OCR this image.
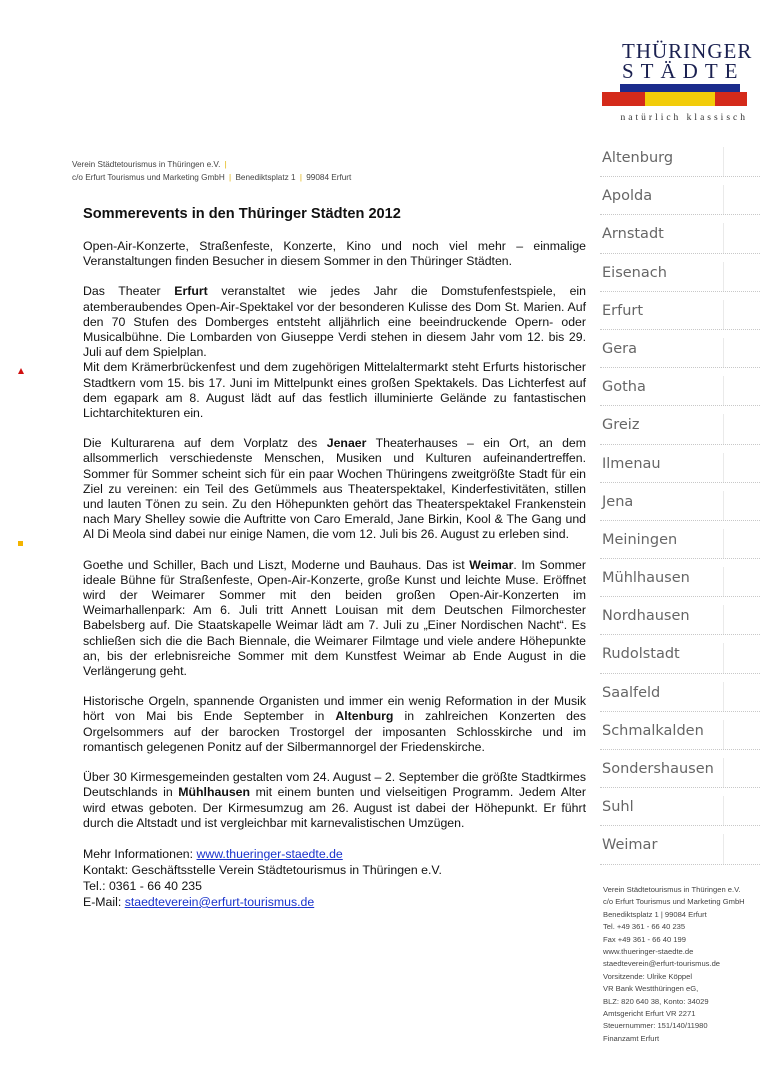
THÜRINGER
STÄDTE
natürlich klassisch
Verein Städtetourismus in Thüringen e.V. |
c/o Erfurt Tourismus und Marketing GmbH | Benediktsplatz 1 | 99084 Erfurt
Sommerevents in den Thüringer Städten 2012

Open-Air-Konzerte, Straßenfeste, Konzerte, Kino und noch viel mehr – einmalige Veranstaltungen finden Besucher in diesem Sommer in den Thüringer Städten.

Das Theater Erfurt veranstaltet wie jedes Jahr die Domstufenfestspiele, ein atemberaubendes Open-Air-Spektakel vor der besonderen Kulisse des Dom St. Marien. Auf den 70 Stufen des Domberges entsteht alljährlich eine beeindruckende Opern- oder Musicalbühne. Die Lombarden von Giuseppe Verdi stehen in diesem Jahr vom 12. bis 29. Juli auf dem Spielplan.

Mit dem Krämerbrückenfest und dem zugehörigen Mittelaltermarkt steht Erfurts historischer Stadtkern vom 15. bis 17. Juni im Mittelpunkt eines großen Spektakels. Das Lichterfest auf dem egapark am 8. August lädt auf das festlich illuminierte Gelände zu fantastischen Lichtarchitekturen ein.

Die Kulturarena auf dem Vorplatz des Jenaer Theaterhauses – ein Ort, an dem allsommerlich verschiedenste Menschen, Musiken und Kulturen aufeinandertreffen. Sommer für Sommer scheint sich für ein paar Wochen Thüringens zweitgrößte Stadt für ein Ziel zu vereinen: ein Teil des Getümmels aus Theaterspektakel, Kinderfestivitäten, stillen und lauten Tönen zu sein. Zu den Höhepunkten gehört das Theaterspektakel Frankenstein nach Mary Shelley sowie die Auftritte von Caro Emerald, Jane Birkin, Kool & The Gang und Al Di Meola sind dabei nur einige Namen, die vom 12. Juli bis 26. August zu erleben sind.

Goethe und Schiller, Bach und Liszt, Moderne und Bauhaus. Das ist Weimar. Im Sommer ideale Bühne für Straßenfeste, Open-Air-Konzerte, große Kunst und leichte Muse. Eröffnet wird der Weimarer Sommer mit den beiden großen Open-Air-Konzerten im Weimarhallenpark: Am 6. Juli tritt Annett Louisan mit dem Deutschen Filmorchester Babelsberg auf. Die Staatskapelle Weimar lädt am 7. Juli zu „Einer Nordischen Nacht“. Es schließen sich die die Bach Biennale, die Weimarer Filmtage und viele andere Höhepunkte an, bis der erlebnisreiche Sommer mit dem Kunstfest Weimar ab Ende August in die Verlängerung geht.

Historische Orgeln, spannende Organisten und immer ein wenig Reformation in der Musik hört von Mai bis Ende September in Altenburg in zahlreichen Konzerten des Orgelsommers auf der barocken Trostorgel der imposanten Schlosskirche und im romantisch gelegenen Ponitz auf der Silbermannorgel der Friedenskirche.

Über 30 Kirmesgemeinden gestalten vom 24. August – 2. September die größte Stadtkirmes Deutschlands in Mühlhausen mit einem bunten und vielseitigen Programm. Jedem Alter wird etwas geboten. Der Kirmesumzug am 26. August ist dabei der Höhepunkt. Er führt durch die Altstadt und ist vergleichbar mit karnevalistischen Umzügen.

Mehr Informationen: www.thueringer-staedte.de
Kontakt: Geschäftsstelle Verein Städtetourismus in Thüringen e.V.
Tel.: 0361 - 66 40 235
E-Mail: staedteverein@erfurt-tourismus.de
Altenburg
Apolda
Arnstadt
Eisenach
Erfurt
Gera
Gotha
Greiz
Ilmenau
Jena
Meiningen
Mühlhausen
Nordhausen
Rudolstadt
Saalfeld
Schmalkalden
Sondershausen
Suhl
Weimar
Verein Städtetourismus in Thüringen e.V.
c/o Erfurt Tourismus und Marketing GmbH
Benediktsplatz 1 | 99084 Erfurt
Tel. +49 361 - 66 40 235
Fax +49 361 - 66 40 199
www.thueringer-staedte.de
staedteverein@erfurt-tourismus.de
Vorsitzende: Ulrike Köppel
VR Bank Westthüringen eG,
BLZ: 820 640 38, Konto: 34029
Amtsgericht Erfurt VR 2271
Steuernummer: 151/140/11980
Finanzamt Erfurt
